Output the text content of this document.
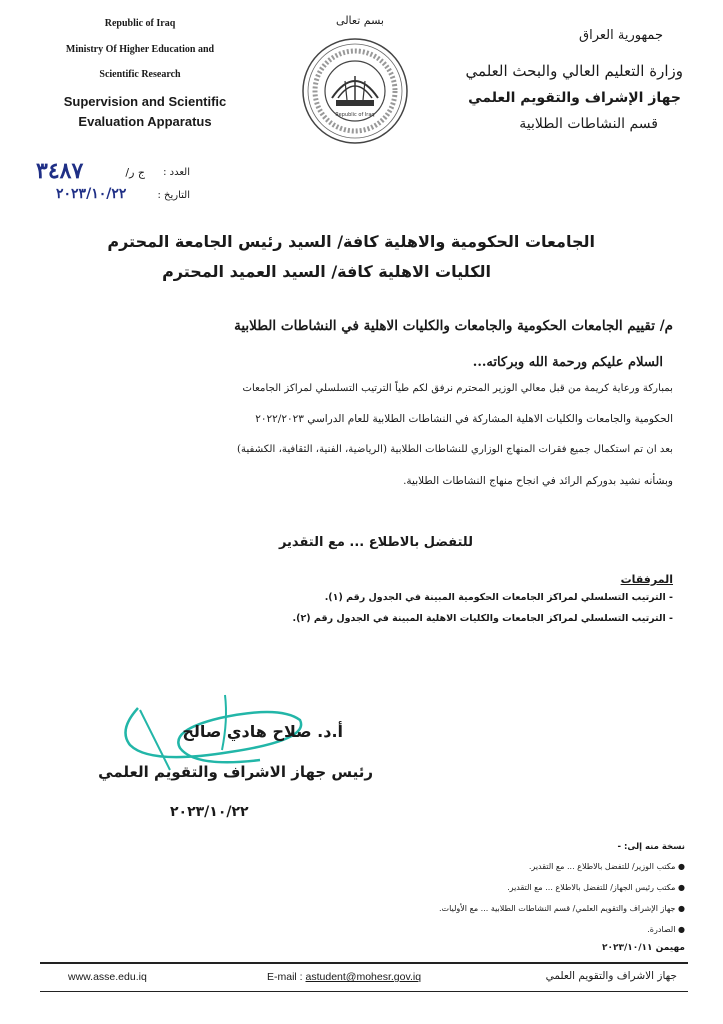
Republic of Iraq
Ministry Of Higher Education and
Scientific Research
Supervision and Scientific
Evaluation Apparatus
بسم تعالى
Republic of Iraq
جمهورية العراق
وزارة التعليم العالي والبحث العلمي
جهاز الإشراف والتقويم العلمي
قسم النشاطات الطلابية
العدد :
ج ر/
٣٤٨٧
التاريخ :
٢٠٢٣/١٠/٢٢
الجامعات الحكومية والاهلية كافة/ السيد رئيس الجامعة المحترم
الكليات الاهلية كافة/ السيد العميد المحترم
م/ تقييم الجامعات الحكومية والجامعات والكليات الاهلية في النشاطات الطلابية
السلام عليكم ورحمة الله وبركاته...
بمباركة ورعاية كريمة من قبل معالي الوزير المحترم نرفق لكم طياً الترتيب التسلسلي لمراكز الجامعات
الحكومية والجامعات والكليات الاهلية المشاركة في النشاطات الطلابية للعام الدراسي ٢٠٢٢/٢٠٢٣
بعد ان تم استكمال جميع فقرات المنهاج الوزاري للنشاطات الطلابية (الرياضية، الفنية، الثقافية، الكشفية)
وبشأنه نشيد بدوركم الرائد في انجاح منهاج النشاطات الطلابية.
للتفضل بالاطلاع ... مع التقدير
المرفقات
- الترتيب التسلسلي لمراكز الجامعات الحكومية المبينة في الجدول رقم (١).
- الترتيب التسلسلي لمراكز الجامعات والكليات الاهلية المبينة في الجدول رقم (٢).
أ.د. صلاح هادي صالح
رئيس جهاز الاشراف والتقويم العلمي
٢٠٢٣/١٠/٢٢
نسخة منه إلى: -
● مكتب الوزير/ للتفضل بالاطلاع ... مع التقدير.
● مكتب رئيس الجهاز/ للتفضل بالاطلاع ... مع التقدير.
● جهاز الإشراف والتقويم العلمي/ قسم النشاطات الطلابية ... مع الأوليات.
● الصادرة.
مهيمن ٢٠٢٣/١٠/١١
www.asse.edu.iq	E-mail : astudent@mohesr.gov.iq	جهاز الاشراف والتقويم العلمي
